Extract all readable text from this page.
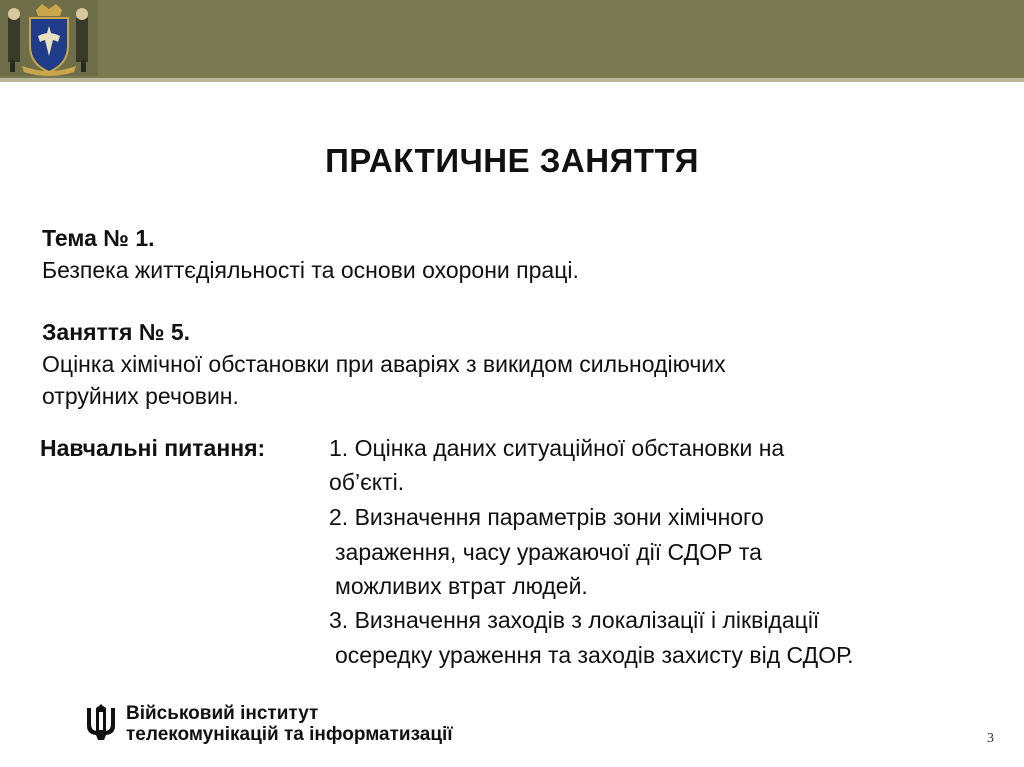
ПРАКТИЧНЕ ЗАНЯТТЯ
Тема № 1.
Безпека життєдіяльності та основи охорони праці.
Заняття № 5.
Оцінка хімічної обстановки при аваріях з викидом сильнодіючих
отруйних речовин.
Навчальні питання:	1. Оцінка даних ситуаційної обстановки на
об’єкті.
2. Визначення параметрів зони хімічного
зараження, часу уражаючої дії СДОР та
можливих втрат людей.
3. Визначення заходів з локалізації і ліквідації
осередку ураження та заходів захисту від СДОР.
Військовий інститут
телекомунікацій та інформатизації	3
